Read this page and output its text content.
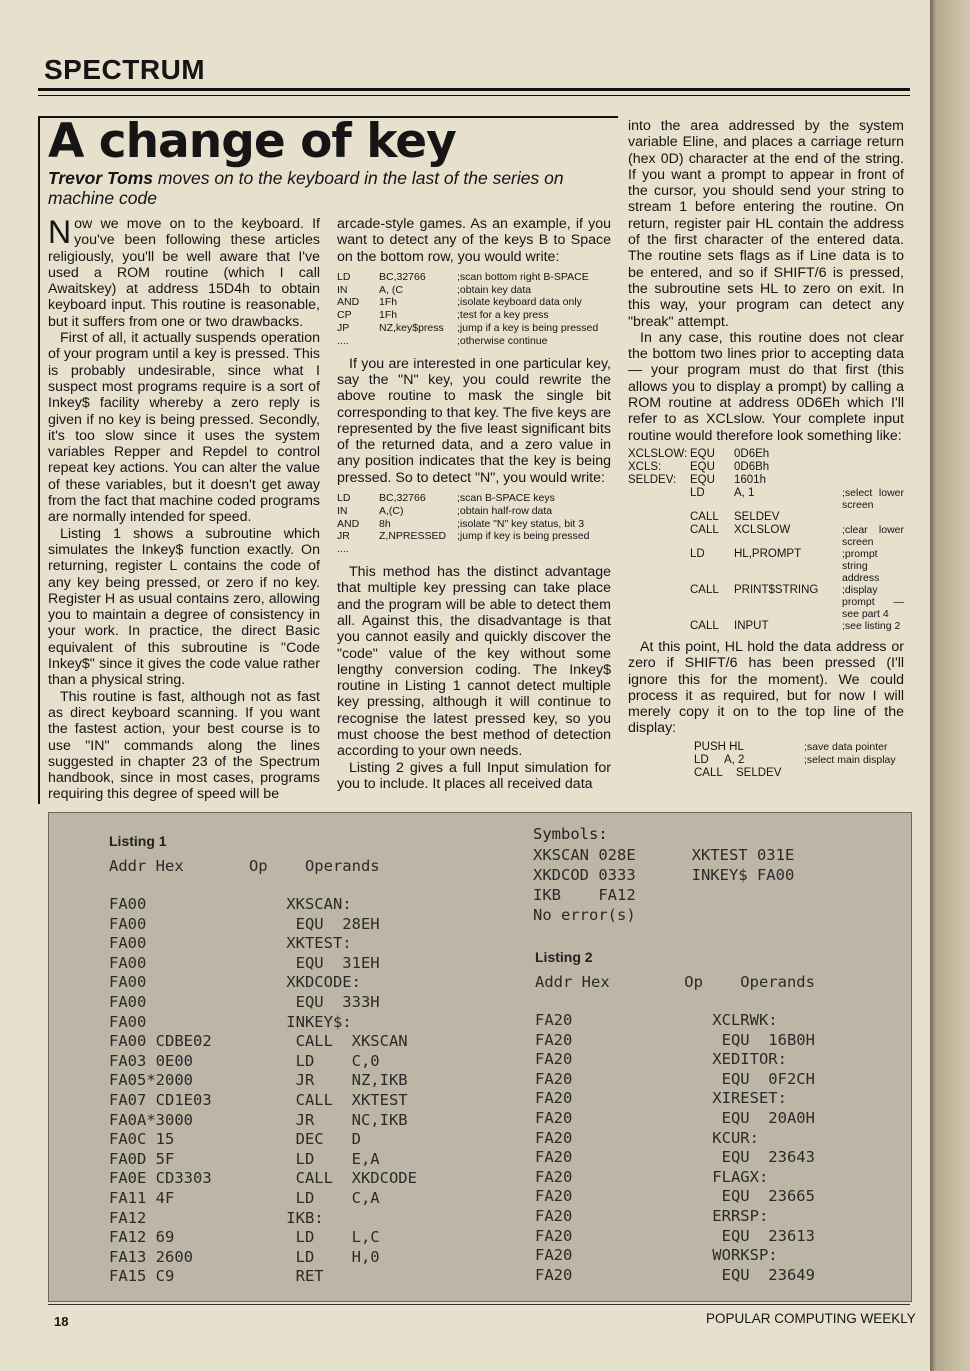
SPECTRUM
A change of key
Trevor Toms moves on to the keyboard in the last of the series on machine code

Now we move on to the keyboard. If you've been following these articles religiously, you'll be well aware that I've used a ROM routine (which I call Awaitskey) at address 15D4h to obtain keyboard input. This routine is reasonable, but it suffers from one or two drawbacks.

First of all, it actually suspends operation of your program until a key is pressed. This is probably undesirable, since what I suspect most programs require is a sort of Inkey$ facility whereby a zero reply is given if no key is being pressed. Secondly, it's too slow since it uses the system variables Repper and Repdel to control repeat key actions. You can alter the value of these variables, but it doesn't get away from the fact that machine coded programs are normally intended for speed.

Listing 1 shows a subroutine which simulates the Inkey$ function exactly. On returning, register L contains the code of any key being pressed, or zero if no key. Register H as usual contains zero, allowing you to maintain a degree of consistency in your work. In practice, the direct Basic equivalent of this subroutine is "Code Inkey$" since it gives the code value rather than a physical string.

This routine is fast, although not as fast as direct keyboard scanning. If you want the fastest action, your best course is to use "IN" commands along the lines suggested in chapter 23 of the Spectrum handbook, since in most cases, programs requiring this degree of speed will be

arcade-style games. As an example, if you want to detect any of the keys B to Space on the bottom row, you would write:

LD	BC,32766	;scan bottom right B-SPACE
IN	A, (C	;obtain key data
AND	1Fh	;isolate keyboard data only
CP	1Fh	;test for a key press
JP	NZ,key$press	;jump if a key is being pressed
....	;otherwise continue

If you are interested in one particular key, say the "N" key, you could rewrite the above routine to mask the single bit corresponding to that key. The five keys are represented by the five least significant bits of the returned data, and a zero value in any position indicates that the key is being pressed. So to detect "N", you would write:

LD	BC,32766	;scan B-SPACE keys
IN	A,(C)	;obtain half-row data
AND	8h	;isolate "N" key status, bit 3
JR	Z,NPRESSED	;jump if key is being pressed
....

This method has the distinct advantage that multiple key pressing can take place and the program will be able to detect them all. Against this, the disadvantage is that you cannot easily and quickly discover the "code" value of the key without some lengthy conversion coding. The Inkey$ routine in Listing 1 cannot detect multiple key pressing, although it will continue to recognise the latest pressed key, so you must choose the best method of detection according to your own needs.

Listing 2 gives a full Input simulation for you to include. It places all received data

into the area addressed by the system variable Eline, and places a carriage return (hex 0D) character at the end of the string. If you want a prompt to appear in front of the cursor, you should send your string to stream 1 before entering the routine. On return, register pair HL contain the address of the first character of the entered data. The routine sets flags as if Line data is to be entered, and so if SHIFT/6 is pressed, the subroutine sets HL to zero on exit. In this way, your program can detect any "break" attempt.

In any case, this routine does not clear the bottom two lines prior to accepting data — your program must do that first (this allows you to display a prompt) by calling a ROM routine at address 0D6Eh which I'll refer to as XCLslow. Your complete input routine would therefore look something like:

XCLSLOW: EQU	0D6Eh
XCLS:	EQU	0D6Bh
SELDEV:	EQU	1601h
LD	A, 1	;select lower screen
CALL	SELDEV
CALL	XCLSLOW	;clear lower screen
LD	HL,PROMPT	;prompt string address
CALL	PRINT$STRING	;display prompt —see part 4
CALL	INPUT	;see listing 2

At this point, HL hold the data address or zero if SHIFT/6 has been pressed (I'll ignore this for the moment). We could process it as required, but for now I will merely copy it on to the top line of the display:

PUSH HL	;save data pointer
LD	A, 2	;select main display
CALL	SELDEV
Listing 1
Addr Hex       Op    Operands
FA00               XKSCAN:
FA00                EQU  28EH
FA00               XKTEST:
FA00                EQU  31EH
FA00               XKDCODE:
FA00                EQU  333H
FA00               INKEY$:
FA00 CDBE02         CALL  XKSCAN
FA03 0E00           LD    C,0
FA05*2000           JR    NZ,IKB
FA07 CD1E03         CALL  XKTEST
FA0A*3000           JR    NC,IKB
FA0C 15             DEC   D
FA0D 5F             LD    E,A
FA0E CD3303         CALL  XKDCODE
FA11 4F             LD    C,A
FA12               IKB:
FA12 69             LD    L,C
FA13 2600           LD    H,0
FA15 C9             RET
Symbols:
XKSCAN 028E      XKTEST 031E
XKDCOD 0333      INKEY$ FA00
IKB    FA12
No error(s)
Listing 2
Addr Hex        Op    Operands
FA20               XCLRWK:
FA20                EQU  16B0H
FA20               XEDITOR:
FA20                EQU  0F2CH
FA20               XIRESET:
FA20                EQU  20A0H
FA20               KCUR:
FA20                EQU  23643
FA20               FLAGX:
FA20                EQU  23665
FA20               ERRSP:
FA20                EQU  23613
FA20               WORKSP:
FA20                EQU  23649
18	POPULAR COMPUTING WEEKLY
